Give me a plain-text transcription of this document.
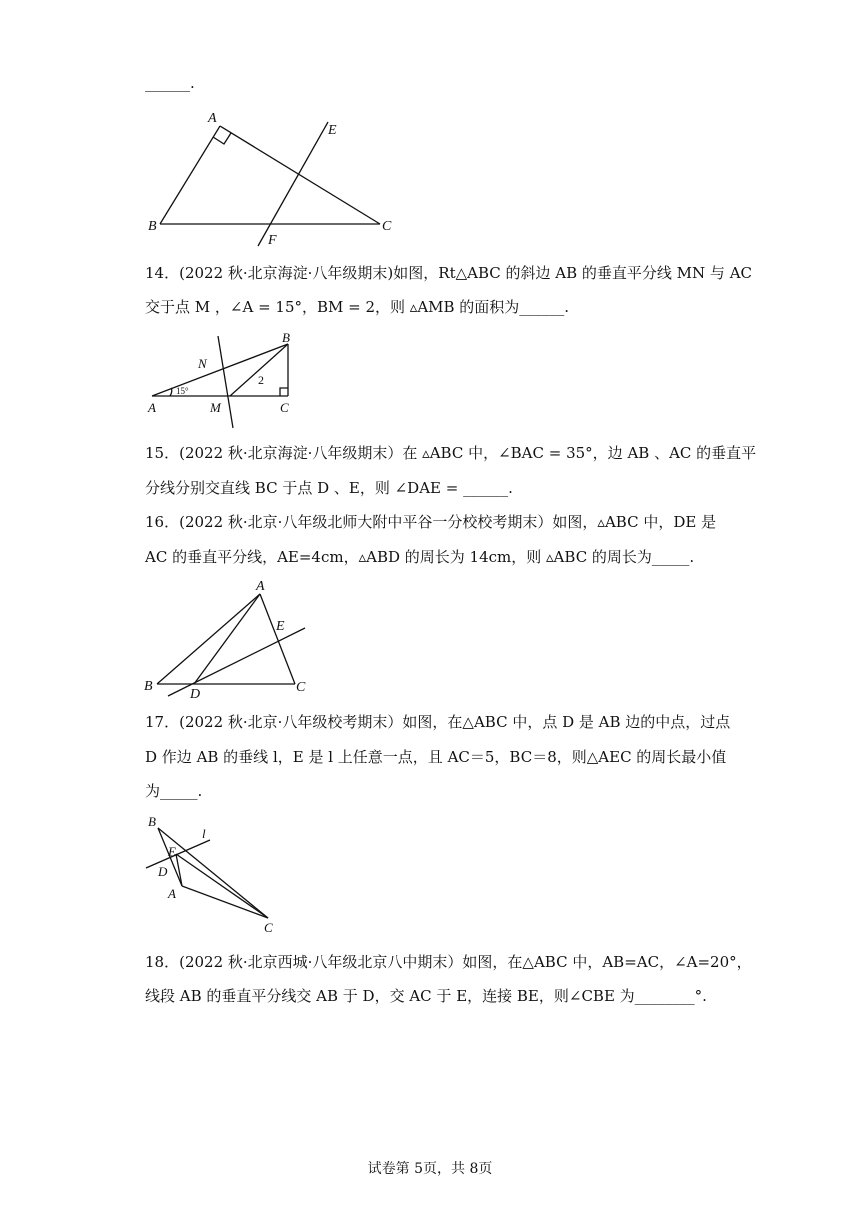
______.
A
B	C
E
F
14．(2022 秋·北京海淀·八年级期末)如图，Rt△ABC 的斜边 AB 的垂直平分线 MN 与 AC
交于点 M ，∠A = 15°，BM = 2，则 ▵AMB 的面积为______.
A
B
C
M
N
15°
2
15．(2022 秋·北京海淀·八年级期末）在 ▵ABC 中，∠BAC = 35°，边 AB 、AC 的垂直平
分线分别交直线 BC 于点 D 、E，则 ∠DAE = ______.
16．(2022 秋·北京·八年级北师大附中平谷一分校校考期末）如图，▵ABC 中，DE 是
AC 的垂直平分线，AE=4cm，▵ABD 的周长为 14cm，则 ▵ABC 的周长为_____.
A
B	C
D
E
17．(2022 秋·北京·八年级校考期末）如图，在△ABC 中，点 D 是 AB 边的中点，过点
D 作边 AB 的垂线 l，E 是 l 上任意一点，且 AC＝5，BC＝8，则△AEC 的周长最小值
为_____.
B
l
E
D
A
C
18．(2022 秋·北京西城·八年级北京八中期末）如图，在△ABC 中，AB=AC，∠A=20°，
线段 AB 的垂直平分线交 AB 于 D，交 AC 于 E，连接 BE，则∠CBE 为________°.
试卷第 5页，共 8页
